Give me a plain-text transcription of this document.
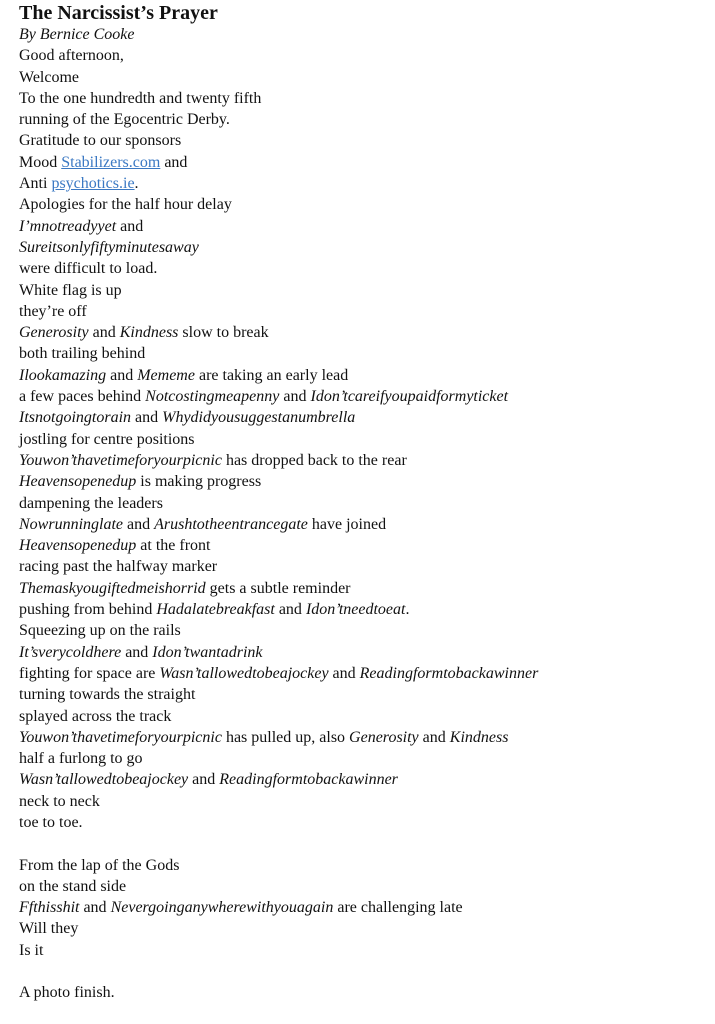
The Narcissist’s Prayer
By Bernice Cooke
Good afternoon,
Welcome
To the one hundredth and twenty fifth
running of the Egocentric Derby.
Gratitude to our sponsors
Mood Stabilizers.com and
Anti psychotics.ie.
Apologies for the half hour delay
I’mnotreadyyet and
Sureitsonlyfiftyminutesaway
were difficult to load.
White flag is up
they’re off
Generosity and Kindness slow to break
both trailing behind
Ilookamazing and Mememe are taking an early lead
a few paces behind Notcostingmeapenny and Idon’tcareifyoupaidformyticket
Itsnotgoingtorain and Whydidyousuggestanumbrella
jostling for centre positions
Youwon’thavetimeforyourpicnic has dropped back to the rear
Heavensopenedup is making progress
dampening the leaders
Nowrunninglate and Arushtotheentrancegate have joined
Heavensopenedup at the front
racing past the halfway marker
Themaskyougiftedmeishorrid gets a subtle reminder
pushing from behind Hadalatebreakfast and Idon’tneedtoeat.
Squeezing up on the rails
It’sverycoldhere and Idon’twantadrink
fighting for space are Wasn’tallowedtobeajockey and Readingformtobackawinner
turning towards the straight
splayed across the track
Youwon’thavetimeforyourpicnic has pulled up, also Generosity and Kindness
half a furlong to go
Wasn’tallowedtobeajockey and Readingformtobackawinner
neck to neck
toe to toe.
From the lap of the Gods
on the stand side
Ffthisshit and Nevergoinganywherewithyouagain are challenging late
Will they
Is it
A photo finish.
